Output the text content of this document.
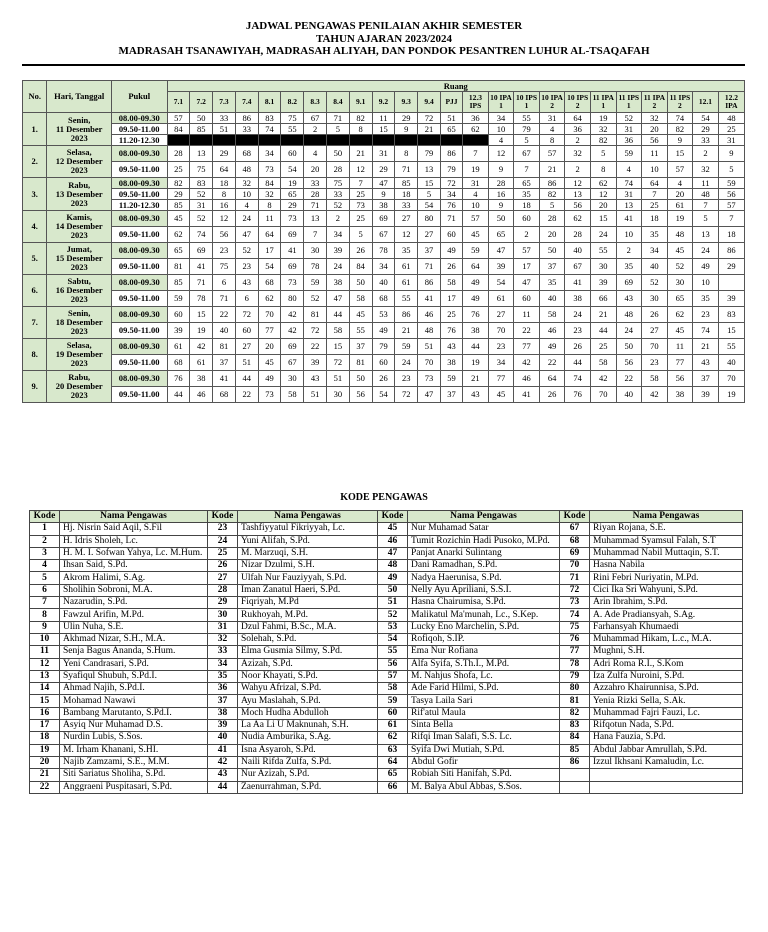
JADWAL PENGAWAS PENILAIAN AKHIR SEMESTER
TAHUN AJARAN 2023/2024
MADRASAH TSANAWIYAH, MADRASAH ALIYAH, DAN PONDOK PESANTREN LUHUR AL-TSAQAFAH
No.	Hari, Tanggal	Pukul	Ruang																							
			7.1	7.2	7.3	7.4	8.1	8.2	8.3	8.4	9.1	9.2	9.3	9.4	PJJ	12.3 IPS	10 IPA 1	10 IPS 1	10 IPA 2	10 IPS 2	11 IPA 1	11 IPS 1	11 IPA 2	11 IPS 2	12.1	12.2 IPA
1.	Senin,
11 Desember
2023	08.00-09.30	57	50	33	86	83	75	67	71	82	11	29	72	51	36	34	55	31	64	19	52	32	74	54	48
		09.50-11.00	84	85	51	33	74	55	2	5	8	15	9	21	65	62	10	79	4	36	32	31	20	82	29	25
		11.20-12.30															4	5	8	2	82	36	56	9	33	31
2.	Selasa,
12 Desember
2023	08.00-09.30	28	13	29	68	34	60	4	50	21	31	8	79	86	7	12	67	57	32	5	59	11	15	2	9
		09.50-11.00	25	75	64	48	73	54	20	28	12	29	71	13	79	19	9	7	21	2	8	4	10	57	32	5
3.	Rabu,
13 Desember
2023	08.00-09.30	82	83	18	32	84	19	33	75	7	47	85	15	72	31	28	65	86	12	62	74	64	4	11	59
		09.50-11.00	29	52	8	10	32	65	28	33	25	9	18	5	34	4	16	35	82	13	12	31	7	20	48	56
		11.20-12.30	85	31	16	4	8	29	71	52	73	38	33	54	76	10	9	18	5	56	20	13	25	61	7	57
4.	Kamis,
14 Desember
2023	08.00-09.30	45	52	12	24	11	73	13	2	25	69	27	80	71	57	50	60	28	62	15	41	18	19	5	7
		09.50-11.00	62	74	56	47	64	69	7	34	5	67	12	27	60	45	65	2	20	28	24	10	35	48	13	18
5.	Jumat,
15 Desember
2023	08.00-09.30	65	69	23	52	17	41	30	39	26	78	35	37	49	59	47	57	50	40	55	2	34	45	24	86
		09.50-11.00	81	41	75	23	54	69	78	24	84	34	61	71	26	64	39	17	37	67	30	35	40	52	49	29
6.	Sabtu,
16 Desember
2023	08.00-09.30	85	71	6	43	68	73	59	38	50	40	61	86	58	49	54	47	35	41	39	69	52	30	10	
		09.50-11.00	59	78	71	6	62	80	52	47	58	68	55	41	17	49	61	60	40	38	66	43	30	65	35	39
7.	Senin,
18 Desember
2023	08.00-09.30	60	15	22	72	70	42	81	44	45	53	86	46	25	76	27	11	58	24	21	48	26	62	23	83
		09.50-11.00	39	19	40	60	77	42	72	58	55	49	21	48	76	38	70	22	46	23	44	24	27	45	74	15
8.	Selasa,
19 Desember
2023	08.00-09.30	61	42	81	27	20	69	22	15	37	79	59	51	43	44	23	77	49	26	25	50	70	11	21	55
		09.50-11.00	68	61	37	51	45	67	39	72	81	60	24	70	38	19	34	42	22	44	58	56	23	77	43	40
9.	Rabu,
20 Desember
2023	08.00-09.30	76	38	41	44	49	30	43	51	50	26	23	73	59	21	77	46	64	74	42	22	58	56	37	70
		09.50-11.00	44	46	68	22	73	58	51	30	56	54	72	47	37	43	45	41	26	76	70	40	42	38	39	19
KODE PENGAWAS
Kode	Nama Pengawas	Kode	Nama Pengawas	Kode	Nama Pengawas	Kode	Nama Pengawas
1	Hj. Nisrin Said Aqil, S.Fil	23	Tashfiyyatul Fikriyyah, Lc.	45	Nur Muhamad Satar	67	Riyan Rojana, S.E.
2	H. Idris Sholeh, Lc.	24	Yuni Alifah, S.Pd.	46	Tumit Rozichin Hadi Pusoko, M.Pd.	68	Muhammad Syamsul Falah, S.T
3	H. M. I. Sofwan Yahya, Lc. M.Hum.	25	M. Marzuqi, S.H.	47	Panjat Anarki Sulintang	69	Muhammad Nabil Muttaqin, S.T.
4	Ihsan Said, S.Pd.	26	Nizar Dzulmi, S.H.	48	Dani Ramadhan, S.Pd.	70	Hasna Nabila
5	Akrom Halimi, S.Ag.	27	Ulfah Nur Fauziyyah, S.Pd.	49	Nadya Haerunisa, S.Pd.	71	Rini Febri Nuriyatin, M.Pd.
6	Sholihin Sobroni, M.A.	28	Iman Zanatul Haeri, S.Pd.	50	Nelly Ayu Apriliani, S.S.I.	72	Cici Ika Sri Wahyuni, S.Pd.
7	Nazarudin, S.Pd.	29	Fiqriyah, M.Pd	51	Hasna Chairumisa, S.Pd.	73	Arin Ibrahim, S.Pd.
8	Fawzul Arifin, M.Pd.	30	Rukhoyah, M.Pd.	52	Malikatul Ma'munah, Lc., S.Kep.	74	A. Ade Pradiansyah, S.Ag.
9	Ulin Nuha, S.E.	31	Dzul Fahmi, B.Sc., M.A.	53	Lucky Eno Marchelin, S.Pd.	75	Farhansyah Khumaedi
10	Akhmad Nizar, S.H., M.A.	32	Solehah, S.Pd.	54	Rofiqoh, S.IP.	76	Muhammad Hikam, L.c., M.A.
11	Senja Bagus Ananda, S.Hum.	33	Elma Gusmia Silmy, S.Pd.	55	Ema Nur Rofiana	77	Mughni, S.H.
12	Yeni Candrasari, S.Pd.	34	Azizah, S.Pd.	56	Alfa Syifa, S.Th.I., M.Pd.	78	Adri Roma R.I., S.Kom
13	Syafiqul Shubuh, S.Pd.I.	35	Noor Khayati, S.Pd.	57	M. Nahjus Shofa, Lc.	79	Iza Zulfa Nuroini, S.Pd.
14	Ahmad Najih, S.Pd.I.	36	Wahyu Afrizal, S.Pd.	58	Ade Farid Hilmi, S.Pd.	80	Azzahro Khairunnisa, S.Pd.
15	Mohamad Nawawi	37	Ayu Maslahah, S.Pd.	59	Tasya Laila Sari	81	Yenia Rizki Sella, S.Ak.
16	Bambang Marutanto, S.Pd.I.	38	Moch Hudha Abdulloh	60	Rif'atul Maula	82	Muhammad Fajri Fauzi, Lc.
17	Asyiq Nur Muhamad D.S.	39	La Aa Li U Maknunah, S.H.	61	Sinta Bella	83	Rifqotun Nada, S.Pd.
18	Nurdin Lubis, S.Sos.	40	Nudia Amburika, S.Ag.	62	Rifqi Iman Salafi, S.S. Lc.	84	Hana Fauzia, S.Pd.
19	M. Irham Khanani, S.HI.	41	Isna Asyaroh, S.Pd.	63	Syifa Dwi Mutiah, S.Pd.	85	Abdul Jabbar Amrullah, S.Pd.
20	Najib Zamzami, S.E., M.M.	42	Naili Rifda Zulfa, S.Pd.	64	Abdul Gofir	86	Izzul Ikhsani Kamaludin, Lc.
21	Siti Sariatus Sholiha, S.Pd.	43	Nur Azizah, S.Pd.	65	Robiah Siti Hanifah, S.Pd.		
22	Anggraeni Puspitasari, S.Pd.	44	Zaenurrahman, S.Pd.	66	M. Balya Abul Abbas, S.Sos.		
